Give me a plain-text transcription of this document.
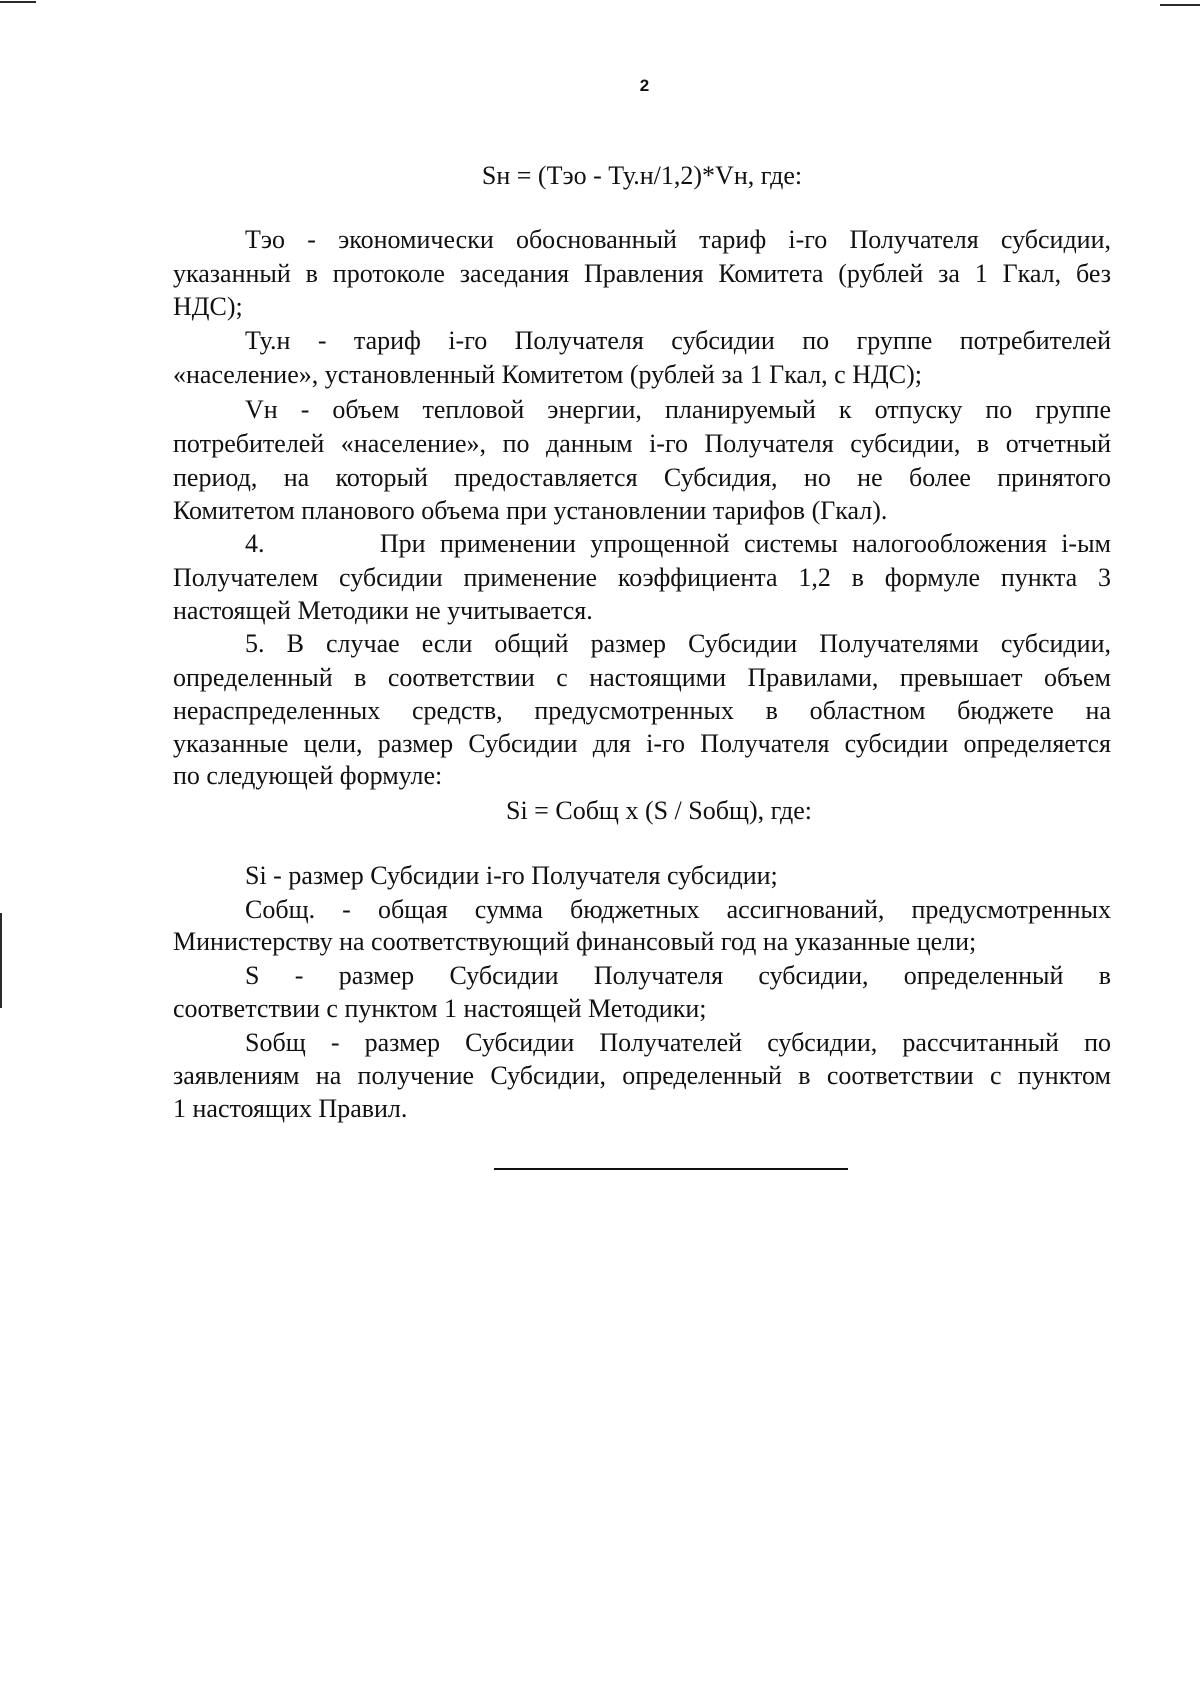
2
Sн = (Тэо - Ту.н/1,2)*Vн, где:
Тэо - экономически обоснованный тариф i-го Получателя субсидии,
указанный в протоколе заседания Правления Комитета (рублей за 1 Гкал, без
НДС);
Ту.н - тариф i-го Получателя субсидии по группе потребителей
«население», установленный Комитетом (рублей за 1 Гкал, с НДС);
Vн - объем тепловой энергии, планируемый к отпуску по группе
потребителей «население», по данным i-го Получателя субсидии, в отчетный
период, на который предоставляется Субсидия, но не более принятого
Комитетом планового объема при установлении тарифов (Гкал).
4.        При применении упрощенной системы налогообложения i-ым
Получателем субсидии применение коэффициента 1,2 в формуле пункта 3
настоящей Методики не учитывается.
5. В случае если общий размер Субсидии Получателями субсидии,
определенный в соответствии с настоящими Правилами, превышает объем
нераспределенных средств, предусмотренных в областном бюджете на
указанные цели, размер Субсидии для i-го Получателя субсидии определяется
по следующей формуле:
Si = Cобщ x (S / Sобщ), где:
Si - размер Субсидии i-го Получателя субсидии;
Cобщ. - общая сумма бюджетных ассигнований, предусмотренных
Министерству на соответствующий финансовый год на указанные цели;
S - размер Субсидии Получателя субсидии, определенный в
соответствии с пунктом 1 настоящей Методики;
Sобщ - размер Субсидии Получателей субсидии, рассчитанный по
заявлениям на получение Субсидии, определенный в соответствии с пунктом
1 настоящих Правил.
